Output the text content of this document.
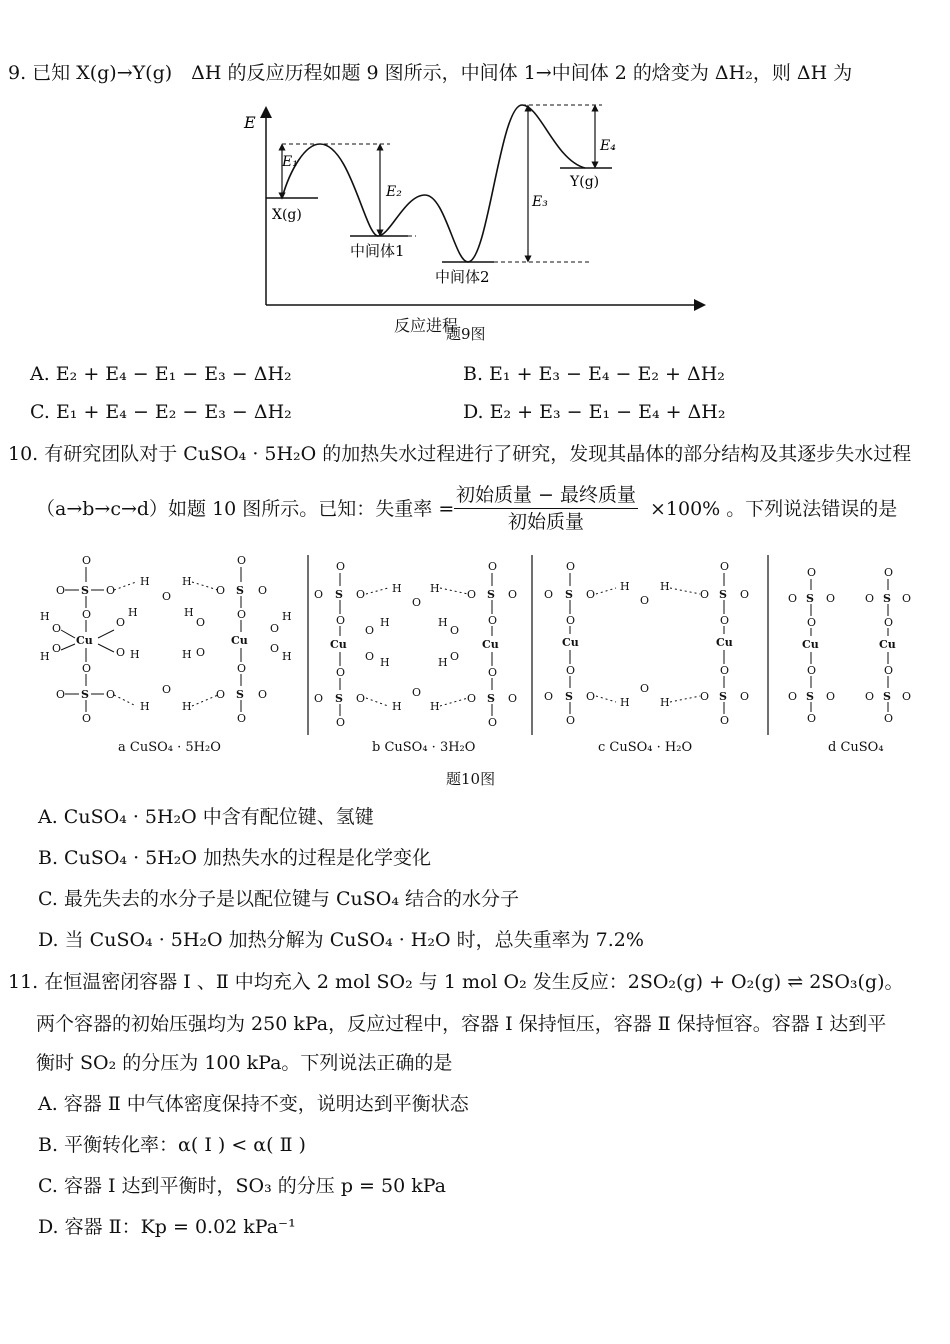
9. 已知 X(g)→Y(g)　ΔH 的反应历程如题 9 图所示，中间体 1→中间体 2 的焓变为 ΔH₂，则 ΔH 为
E
E₁
E₂
E₃
E₄
X(g)
Y(g)
中间体1
中间体2
反应进程
题9图
A. E₂ + E₄ − E₁ − E₃ − ΔH₂	B. E₁ + E₃ − E₄ − E₂ + ΔH₂
C. E₁ + E₄ − E₂ − E₃ − ΔH₂	D. E₂ + E₃ − E₁ − E₄ + ΔH₂
10. 有研究团队对于 CuSO₄ · 5H₂O 的加热失水过程进行了研究，发现其晶体的部分结构及其逐步失水过程
（a→b→c→d）如题 10 图所示。已知：失重率 =
初始质量 − 最终质量
初始质量
×100% 。下列说法错误的是
O
O S O
O
Cu
O
O S O
O
H
H
O
O
O
O
H
H
H
O
H
H
O
H
O
O S O
O
Cu
O
O S O
O
O
O
O
O
H
H
H
H
O
O S O
O
Cu
O
O S O
O
O
H
O H
H
O
H
H
O
H
O
O S O
O
Cu
O
O S O
O
O
H
O
H
O
O S O
O
Cu
O
O S O
O
H
O
H
H
O
H
O
O S O
O
Cu
O
O S O
O
O
O S O
O
Cu
O
O S O
O
O
O S O
O
Cu
O
O S O
O
a CuSO₄ · 5H₂O	b CuSO₄ · 3H₂O	c CuSO₄ · H₂O	d CuSO₄
题10图
A. CuSO₄ · 5H₂O 中含有配位键、氢键
B. CuSO₄ · 5H₂O 加热失水的过程是化学变化
C. 最先失去的水分子是以配位键与 CuSO₄ 结合的水分子
D. 当 CuSO₄ · 5H₂O 加热分解为 CuSO₄ · H₂O 时，总失重率为 7.2%
11. 在恒温密闭容器 Ⅰ 、Ⅱ 中均充入 2 mol SO₂ 与 1 mol O₂ 发生反应：2SO₂(g) + O₂(g) ⇌ 2SO₃(g)。
两个容器的初始压强均为 250 kPa，反应过程中，容器 Ⅰ 保持恒压，容器 Ⅱ 保持恒容。容器 Ⅰ 达到平
衡时 SO₂ 的分压为 100 kPa。下列说法正确的是
A. 容器 Ⅱ 中气体密度保持不变，说明达到平衡状态
B. 平衡转化率：α( Ⅰ ) < α( Ⅱ )
C. 容器 Ⅰ 达到平衡时，SO₃ 的分压 p = 50 kPa
D. 容器 Ⅱ：Kp = 0.02 kPa⁻¹
